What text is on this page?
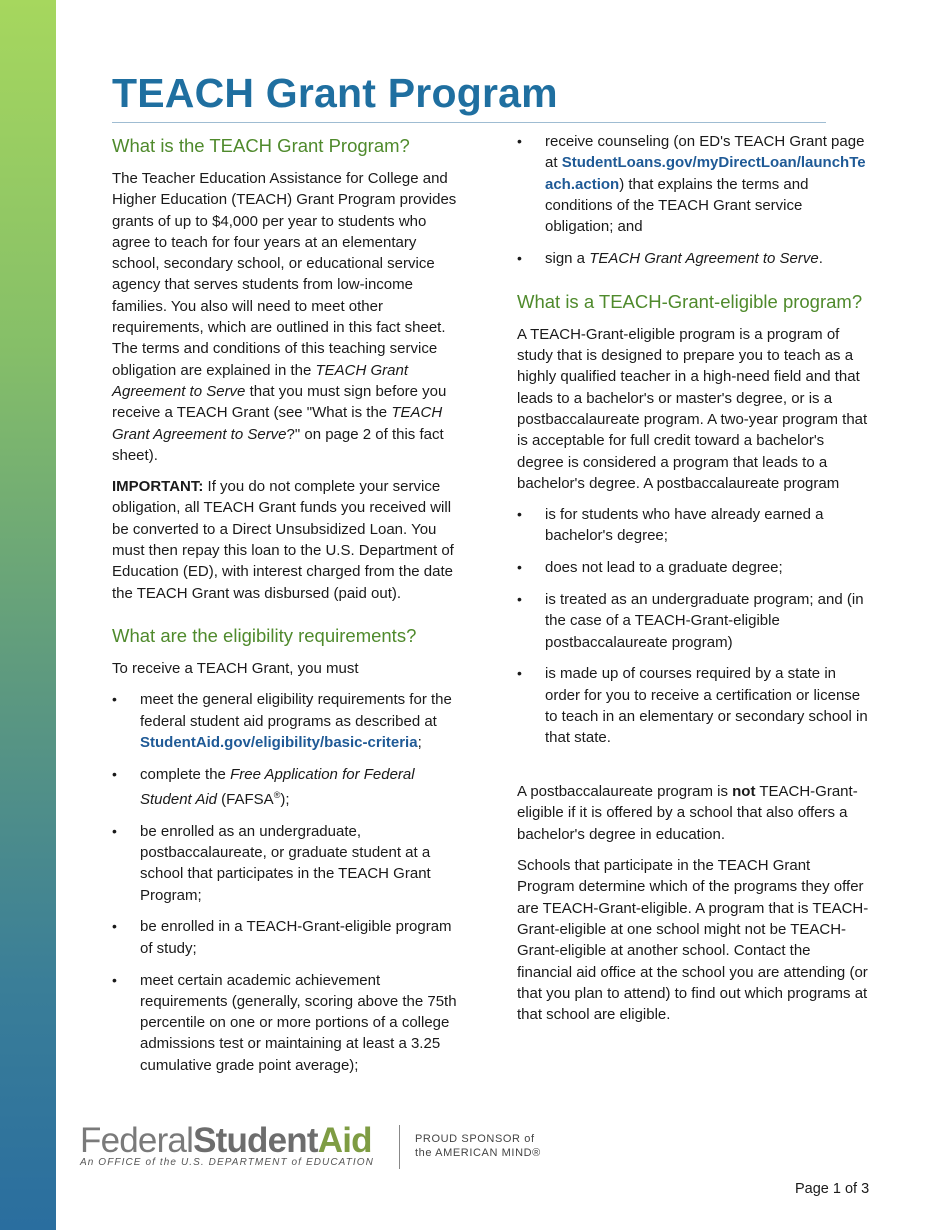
TEACH Grant Program
What is the TEACH Grant Program?

The Teacher Education Assistance for College and Higher Education (TEACH) Grant Program provides grants of up to $4,000 per year to students who agree to teach for four years at an elementary school, secondary school, or educational service agency that serves students from low-income families. You also will need to meet other requirements, which are outlined in this fact sheet. The terms and conditions of this teaching service obligation are explained in the TEACH Grant Agreement to Serve that you must sign before you receive a TEACH Grant (see "What is the TEACH Grant Agreement to Serve?" on page 2 of this fact sheet).

IMPORTANT: If you do not complete your service obligation, all TEACH Grant funds you received will be converted to a Direct Unsubsidized Loan. You must then repay this loan to the U.S. Department of Education (ED), with interest charged from the date the TEACH Grant was disbursed (paid out).

What are the eligibility requirements?

To receive a TEACH Grant, you must

• meet the general eligibility requirements for the federal student aid programs as described at StudentAid.gov/eligibility/basic-criteria;
• complete the Free Application for Federal Student Aid (FAFSA®);
• be enrolled as an undergraduate, postbaccalaureate, or graduate student at a school that participates in the TEACH Grant Program;
• be enrolled in a TEACH-Grant-eligible program of study;
• meet certain academic achievement requirements (generally, scoring above the 75th percentile on one or more portions of a college admissions test or maintaining at least a 3.25 cumulative grade point average);
• receive counseling (on ED's TEACH Grant page at StudentLoans.gov/myDirectLoan/launchTeach.action) that explains the terms and conditions of the TEACH Grant service obligation; and
• sign a TEACH Grant Agreement to Serve.
What is a TEACH-Grant-eligible program?

A TEACH-Grant-eligible program is a program of study that is designed to prepare you to teach as a highly qualified teacher in a high-need field and that leads to a bachelor's or master's degree, or is a postbaccalaureate program. A two-year program that is acceptable for full credit toward a bachelor's degree is considered a program that leads to a bachelor's degree. A postbaccalaureate program

• is for students who have already earned a bachelor's degree;
• does not lead to a graduate degree;
• is treated as an undergraduate program; and (in the case of a TEACH-Grant-eligible postbaccalaureate program)
• is made up of courses required by a state in order for you to receive a certification or license to teach in an elementary or secondary school in that state.

A postbaccalaureate program is not TEACH-Grant-eligible if it is offered by a school that also offers a bachelor's degree in education.

Schools that participate in the TEACH Grant Program determine which of the programs they offer are TEACH-Grant-eligible. A program that is TEACH-Grant-eligible at one school might not be TEACH-Grant-eligible at another school. Contact the financial aid office at the school you are attending (or that you plan to attend) to find out which programs at that school are eligible.

FederalStudentAid
An OFFICE of the U.S. DEPARTMENT of EDUCATION
PROUD SPONSOR of
the AMERICAN MIND®
Page 1 of 3
